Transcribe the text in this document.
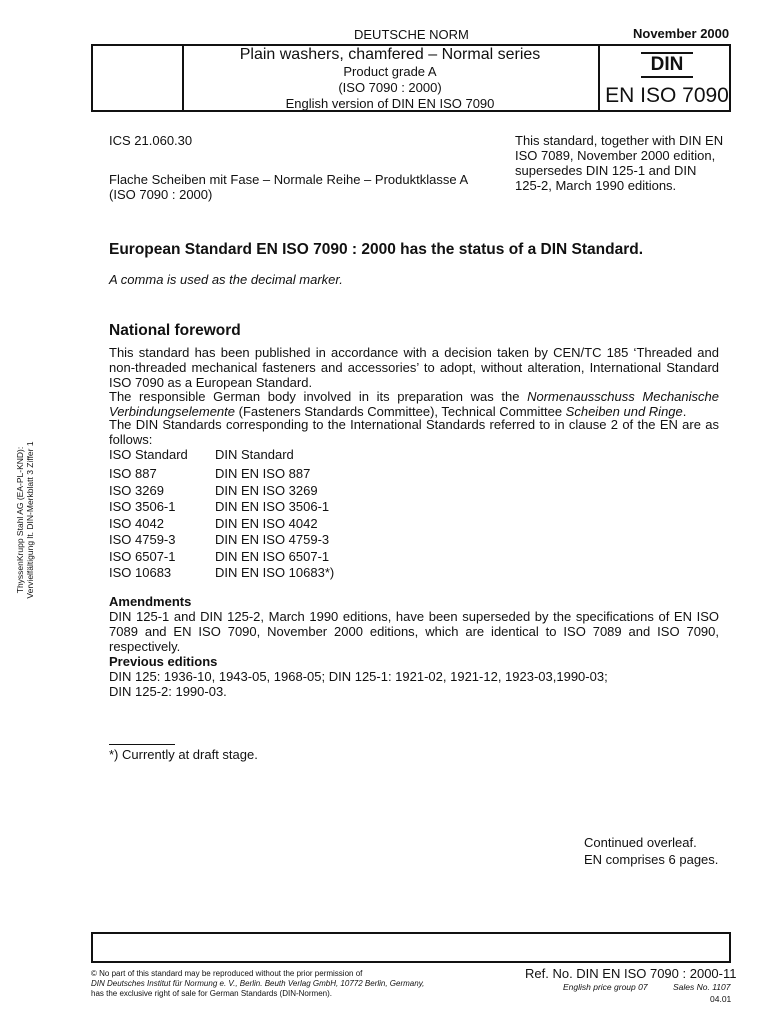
DEUTSCHE NORM	November 2000
Plain washers, chamfered – Normal series
Product grade A
(ISO 7090 : 2000)
English version of DIN EN ISO 7090
DIN
EN ISO 7090
ICS 21.060.30
Flache Scheiben mit Fase – Normale Reihe – Produktklasse A
(ISO 7090 : 2000)
This standard, together with DIN EN ISO 7089, November 2000 edition, supersedes DIN 125-1 and DIN 125-2, March 1990 editions.
European Standard EN ISO 7090 : 2000 has the status of a DIN Standard.
A comma is used as the decimal marker.
National foreword
This standard has been published in accordance with a decision taken by CEN/TC 185 ‘Threaded and non-threaded mechanical fasteners and accessories’ to adopt, without alteration, International Standard ISO 7090 as a European Standard.
The responsible German body involved in its preparation was the Normenausschuss Mechanische Verbindungselemente (Fasteners Standards Committee), Technical Committee Scheiben und Ringe.
The DIN Standards corresponding to the International Standards referred to in clause 2 of the EN are as follows:
ISO Standard	DIN Standard
ISO 887	DIN EN ISO 887
ISO 3269	DIN EN ISO 3269
ISO 3506-1	DIN EN ISO 3506-1
ISO 4042	DIN EN ISO 4042
ISO 4759-3	DIN EN ISO 4759-3
ISO 6507-1	DIN EN ISO 6507-1
ISO 10683	DIN EN ISO 10683*)
Amendments
DIN 125-1 and DIN 125-2, March 1990 editions, have been superseded by the specifications of EN ISO 7089 and EN ISO 7090, November 2000 editions, which are identical to ISO 7089 and ISO 7090, respectively.
Previous editions
DIN 125: 1936-10, 1943-05, 1968-05; DIN 125-1: 1921-02, 1921-12, 1923-03,1990-03;
DIN 125-2: 1990-03.
*) Currently at draft stage.
Continued overleaf.
EN comprises 6 pages.
© No part of this standard may be reproduced without the prior permission of
DIN Deutsches Institut für Normung e. V., Berlin. Beuth Verlag GmbH, 10772 Berlin, Germany,
has the exclusive right of sale for German Standards (DIN-Normen).
Ref. No. DIN EN ISO 7090 : 2000-11
English price group 07	Sales No. 1107
04.01
ThyssenKrupp Stahl AG (EA-PL-KND): Vervielfältigung lt. DIN-Merkblatt 3 Ziffer 1
